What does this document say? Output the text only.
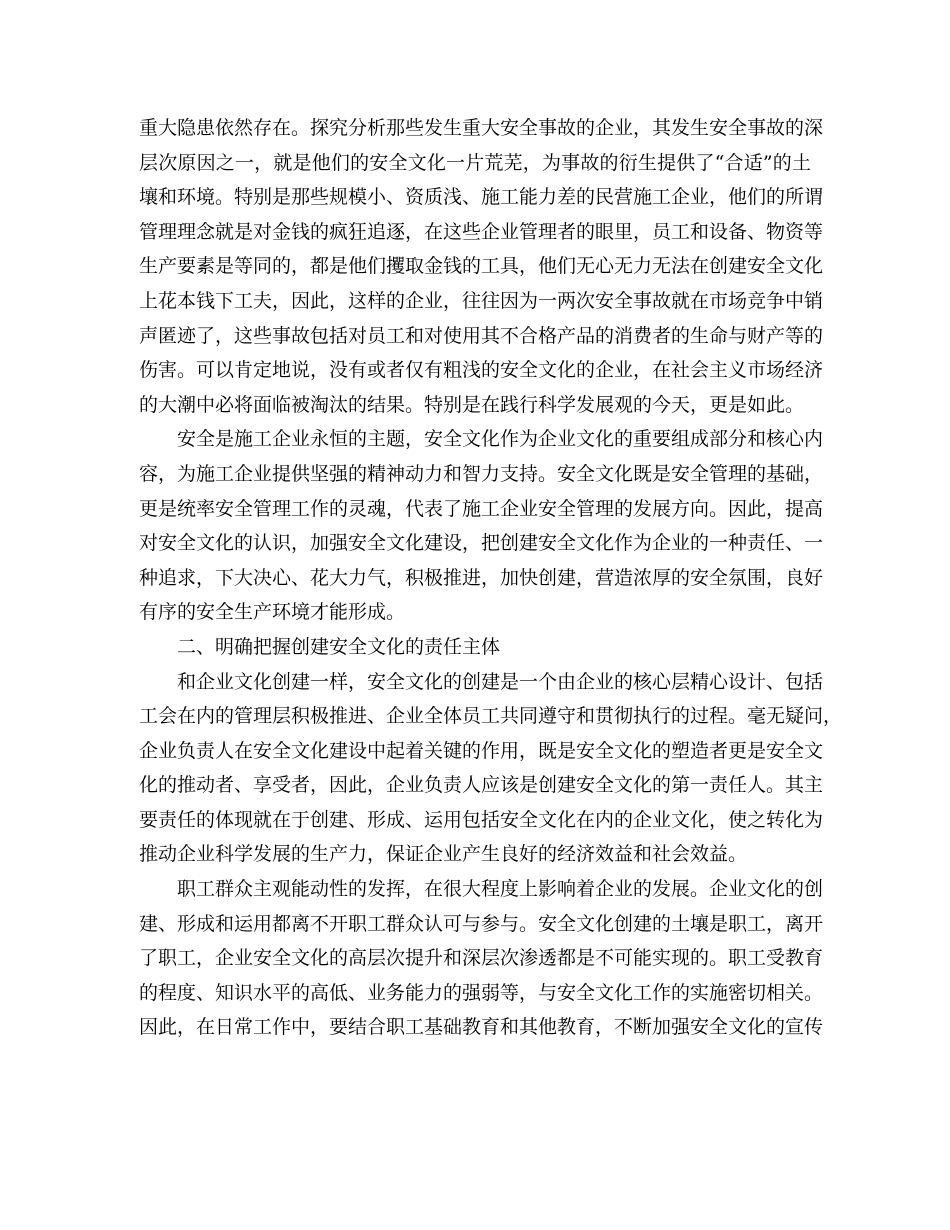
重大隐患依然存在。探究分析那些发生重大安全事故的企业，其发生安全事故的深
层次原因之一，就是他们的安全文化一片荒芜，为事故的衍生提供了“合适”的土
壤和环境。特别是那些规模小、资质浅、施工能力差的民营施工企业，他们的所谓
管理理念就是对金钱的疯狂追逐，在这些企业管理者的眼里，员工和设备、物资等
生产要素是等同的，都是他们攫取金钱的工具，他们无心无力无法在创建安全文化
上花本钱下工夫，因此，这样的企业，往往因为一两次安全事故就在市场竞争中销
声匿迹了，这些事故包括对员工和对使用其不合格产品的消费者的生命与财产等的
伤害。可以肯定地说，没有或者仅有粗浅的安全文化的企业，在社会主义市场经济
的大潮中必将面临被淘汰的结果。特别是在践行科学发展观的今天，更是如此。
安全是施工企业永恒的主题，安全文化作为企业文化的重要组成部分和核心内
容，为施工企业提供坚强的精神动力和智力支持。安全文化既是安全管理的基础，
更是统率安全管理工作的灵魂，代表了施工企业安全管理的发展方向。因此，提高
对安全文化的认识，加强安全文化建设，把创建安全文化作为企业的一种责任、一
种追求，下大决心、花大力气，积极推进，加快创建，营造浓厚的安全氛围，良好
有序的安全生产环境才能形成。
二、明确把握创建安全文化的责任主体
和企业文化创建一样，安全文化的创建是一个由企业的核心层精心设计、包括
工会在内的管理层积极推进、企业全体员工共同遵守和贯彻执行的过程。毫无疑问，
企业负责人在安全文化建设中起着关键的作用，既是安全文化的塑造者更是安全文
化的推动者、享受者，因此，企业负责人应该是创建安全文化的第一责任人。其主
要责任的体现就在于创建、形成、运用包括安全文化在内的企业文化，使之转化为
推动企业科学发展的生产力，保证企业产生良好的经济效益和社会效益。
职工群众主观能动性的发挥，在很大程度上影响着企业的发展。企业文化的创
建、形成和运用都离不开职工群众认可与参与。安全文化创建的土壤是职工，离开
了职工，企业安全文化的高层次提升和深层次渗透都是不可能实现的。职工受教育
的程度、知识水平的高低、业务能力的强弱等，与安全文化工作的实施密切相关。
因此，在日常工作中，要结合职工基础教育和其他教育，不断加强安全文化的宣传
